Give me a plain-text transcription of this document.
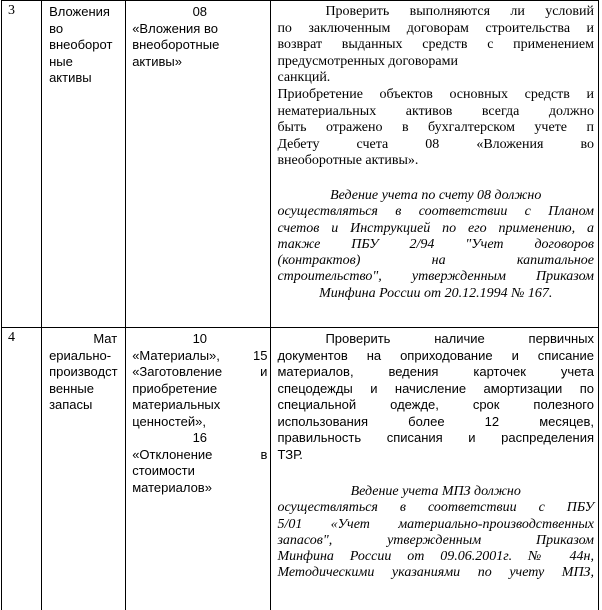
3	Вложения
во
внеоборот
ные
активы

08
«Вложения во
внеоборотные
активы»

Проверить выполняются ли условий
по заключенным договорам строительства и
возврат выданных средств с применением
предусмотренных договорами
санкций.
Приобретение объектов основных средств и
нематериальных активов всегда должно
быть отражено в бухгалтерском учете п
Дебету счета 08 «Вложения во
внеоборотные активы».
Ведение учета по счету 08 должно
осуществляться в соответствии с Планом
счетов и Инструкцией по его применению, а
также ПБУ 2/94 "Учет договоров
(контрактов) на капитальное
строительство", утвержденным Приказом
Минфина России от 20.12.1994 № 167.

4	Мат
ериально-
производст
венные
запасы

10
«Материалы»,	15
«Заготовление и
приобретение
материальных
ценностей»,
16
«Отклонение в
стоимости
материалов»

Проверить наличие первичных
документов на оприходование и списание
материалов, ведения карточек учета
спецодежды и начисление амортизации по
специальной одежде, срок полезного
использования более 12 месяцев,
правильность списания и распределения
ТЗР.
Ведение учета МПЗ должно
осуществляться в соответствии с ПБУ
5/01 «Учет материально-производственных
запасов", утвержденным Приказом
Минфина России от 09.06.2001г. № 44н,
Методическими указаниями по учету МПЗ,
